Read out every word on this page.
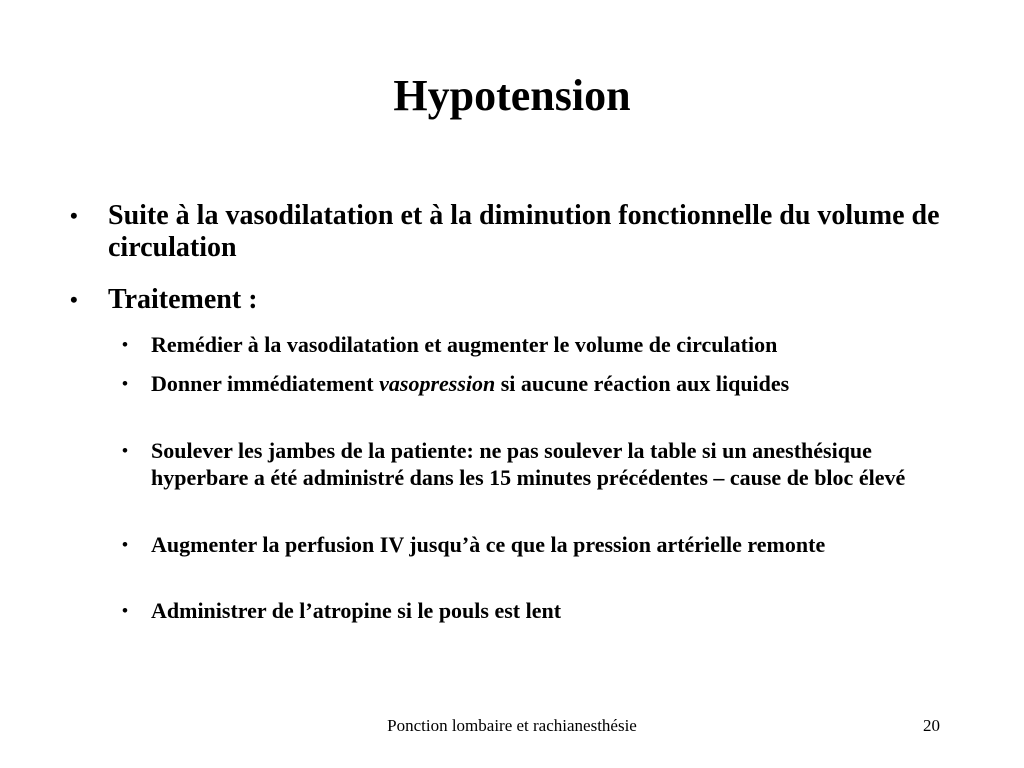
Hypotension
•	Suite à la vasodilatation et à la diminution fonctionnelle du volume de circulation
•	Traitement :
•	Remédier à la vasodilatation et augmenter le volume de circulation
•	Donner immédiatement vasopression si aucune réaction aux liquides
•	Soulever les jambes de la patiente: ne pas soulever la table si un anesthésique hyperbare a été administré dans les 15 minutes précédentes – cause de bloc élevé
•	Augmenter la perfusion IV jusqu’à ce que la pression artérielle remonte
•	Administrer de l’atropine si le pouls est lent
Ponction lombaire et rachianesthésie	20
